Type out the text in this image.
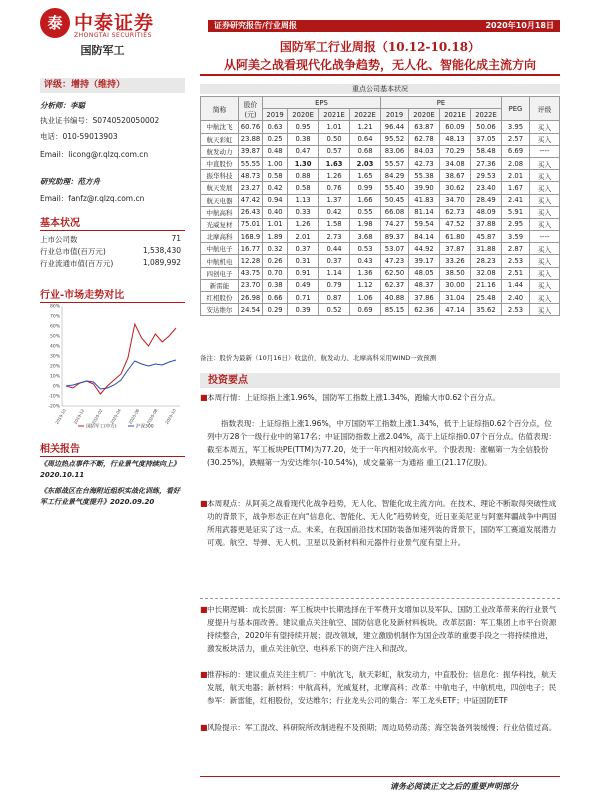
泰 中泰证券
ZHONGTAI SECURITIES
证券研究报告/行业周报	2020年10月18日
国防军工	国防军工行业周报（10.12-10.18）
从阿美之战看现代化战争趋势，无人化、智能化成主流方向
评级：增持（维持）
分析师：李聪
执业证书编号：S0740520050002
电话：010-59013903
Email：licong@r.qlzq.com.cn
研究助理：范方舟
Email：fanfz@r.qlzq.com.cn
基本状况
上市公司数	71
行业总市值(百万元)	1,538,430
行业流通市值(百万元)	1,089,992
行业-市场走势对比
80%
70%
60%
50%
40%
30%
20%
10%
0%
-10%
-20%
2019-10 2019-12 2020-02 2020-04 2020-06 2020-08 2020-10
国防军工(申万)	沪深300
相关报告
《周边热点事件不断，行业景气度持续向上》2020.10.11
《东部战区在台海附近组织实战化训练，看好军工行业景气度提升》2020.09.20
重点公司基本状况
简称	股价(元)	EPS				PE				PEG	评级
		2019	2020E	2021E	2022E	2019	2020E	2021E	2022E		
中航沈飞	60.76	0.63	0.95	1.01	1.21	96.44	63.87	60.09	50.06	3.95	买入
航天彩虹	23.88	0.25	0.38	0.50	0.64	95.52	62.78	48.13	37.05	2.57	买入
航发动力	39.87	0.48	0.47	0.57	0.68	83.06	84.03	70.29	58.48	6.69	----
中直股份	55.55	1.00	1.30	1.63	2.03	55.57	42.73	34.08	27.36	2.08	买入
振华科技	48.73	0.58	0.88	1.26	1.65	84.29	55.38	38.67	29.53	2.01	买入
航天发展	23.27	0.42	0.58	0.76	0.99	55.40	39.90	30.62	23.40	1.67	买入
航天电器	47.42	0.94	1.13	1.37	1.66	50.45	41.83	34.70	28.49	2.41	买入
中航高科	26.43	0.40	0.33	0.42	0.55	66.08	81.14	62.73	48.09	5.91	买入
光威复材	75.01	1.01	1.26	1.58	1.98	74.27	59.54	47.52	37.88	2.95	买入
北摩高科	168.9	1.89	2.01	2.73	3.68	89.37	84.14	61.80	45.87	3.59	----
中航电子	16.77	0.32	0.37	0.44	0.53	53.07	44.92	37.87	31.88	2.87	买入
中航机电	12.28	0.26	0.31	0.37	0.43	47.23	39.17	33.26	28.23	2.53	买入
四创电子	43.75	0.70	0.91	1.14	1.36	62.50	48.05	38.50	32.08	2.51	买入
新雷能	23.70	0.38	0.49	0.79	1.12	62.37	48.37	30.00	21.16	1.44	买入
红相股份	26.98	0.66	0.71	0.87	1.06	40.88	37.86	31.04	25.48	2.40	买入
安达维尔	24.54	0.29	0.39	0.52	0.69	85.15	62.36	47.14	35.62	2.53	买入
备注：股价为最新（10月16日）收盘价，航发动力、北摩高科采用WIND一致预测
投资要点
■ 本周行情：上证综指上涨1.96%，国防军工指数上涨1.34%，跑输大市0.62个百分点。
指数表现：上证综指上涨1.96%，中万国防军工指数上涨1.34%，低于上证综指0.62个百分点，位列中万28个一级行业中的第17名；中证国防指数上涨2.04%，高于上证综指0.07个百分点。估值表现：截至本周五，军工板块PE(TTM)为77.20，处于一年内相对较高水平。个股表现：涨幅第一为全信股份(30.25%)，跌幅第一为安达维尔(-10.54%)，成交量第一为通裕 重工(21.17亿股)。
■ 本周观点：从阿美之战看现代化战争趋势，无人化、智能化成主流方向。在技术、理论不断取得突破性成功的背景下，战争形态正在向“信息化、智能化、无人化”趋势转变，近日亚美尼亚与阿塞拜疆战争中两国所用武器更是证实了这一点。未来，在我国前沿技术国防装备加速列装的背景下，国防军工赛道发展潜力可观。航空、导弹、无人机、卫星以及新材料和元器件行业景气度有望上升。
■ 中长期逻辑：成长层面：军工板块中长期选择在于军费开支增加以及军队、国防工业改革带来的行业景气度提升与基本面改善。建议重点关注航空、国防信息化及新材料板块。改革层面：军工集团上市平台资源持续整合，2020年有望持续开展；混改领域，建立激励机制作为国企改革的重要手段之一将持续推进，激发板块活力，重点关注航空、电科系下的资产注入和混改。
■ 推荐标的：建议重点关注主机厂：中航沈飞，航天彩虹，航发动力，中直股份；信息化：振华科技，航天发展，航天电器；新材料：中航高科，光威复材，北摩高科；改革：中航电子，中航机电，四创电子；民参军：新雷能，红相股份，安达维尔；行业龙头公司的集合：军工龙头ETF；中证国防ETF
■ 风险提示：军工混改、科研院所改制进程不及预期；周边局势动荡；海空装备列装缓慢；行业估值过高。
请务必阅读正文之后的重要声明部分
